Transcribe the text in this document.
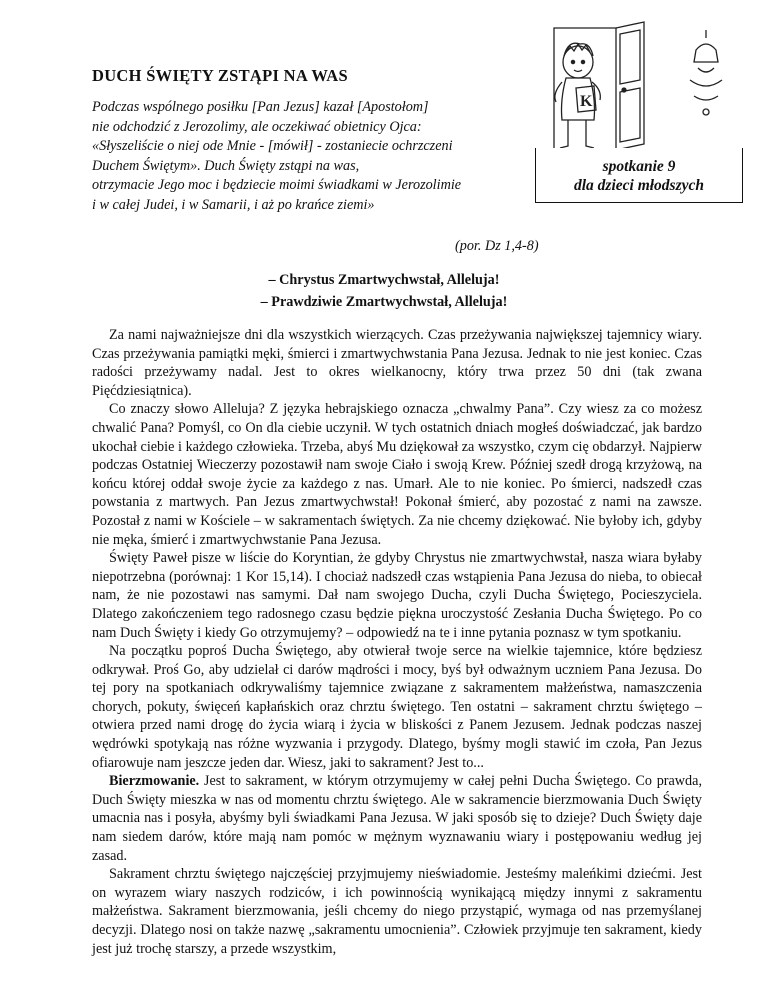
DUCH ŚWIĘTY ZSTĄPI NA WAS
Podczas wspólnego posiłku [Pan Jezus] kazał [Apostołom]
nie odchodzić z Jerozolimy, ale oczekiwać obietnicy Ojca:
«Słyszeliście o niej ode Mnie - [mówił] - zostaniecie ochrzczeni
Duchem Świętym». Duch Święty zstąpi na was,
otrzymacie Jego moc i będziecie moimi świadkami w Jerozolimie
i w całej Judei, i w Samarii, i aż po krańce ziemi»
(por. Dz 1,4-8)
K
spotkanie 9
dla dzieci młodszych
– Chrystus Zmartwychwstał, Alleluja!
– Prawdziwie Zmartwychwstał, Alleluja!

Za nami najważniejsze dni dla wszystkich wierzących. Czas przeżywania największej tajemnicy wiary. Czas przeżywania pamiątki męki, śmierci i zmartwychwstania Pana Jezusa. Jednak to nie jest koniec. Czas radości przeżywamy nadal. Jest to okres wielkanocny, który trwa przez 50 dni (tak zwana Pięćdziesiątnica).

Co znaczy słowo Alleluja? Z języka hebrajskiego oznacza „chwalmy Pana”. Czy wiesz za co możesz chwalić Pana? Pomyśl, co On dla ciebie uczynił. W tych ostatnich dniach mogłeś doświadczać, jak bardzo ukochał ciebie i każdego człowieka. Trzeba, abyś Mu dziękował za wszystko, czym cię obdarzył. Najpierw podczas Ostatniej Wieczerzy pozostawił nam swoje Ciało i swoją Krew. Później szedł drogą krzyżową, na końcu której oddał swoje życie za każdego z nas. Umarł. Ale to nie koniec. Po śmierci, nadszedł czas powstania z martwych. Pan Jezus zmartwychwstał! Pokonał śmierć, aby pozostać z nami na zawsze. Pozostał z nami w Kościele – w sakramentach świętych. Za nie chcemy dziękować. Nie byłoby ich, gdyby nie męka, śmierć i zmartwychwstanie Pana Jezusa.

Święty Paweł pisze w liście do Koryntian, że gdyby Chrystus nie zmartwychwstał, nasza wiara byłaby niepotrzebna (porównaj: 1 Kor 15,14). I chociaż nadszedł czas wstąpienia Pana Jezusa do nieba, to obiecał nam, że nie pozostawi nas samymi. Dał nam swojego Ducha, czyli Ducha Świętego, Pocieszyciela. Dlatego zakończeniem tego radosnego czasu będzie piękna uroczystość Zesłania Ducha Świętego. Po co nam Duch Święty i kiedy Go otrzymujemy? – odpowiedź na te i inne pytania poznasz w tym spotkaniu.

Na początku poproś Ducha Świętego, aby otwierał twoje serce na wielkie tajemnice, które będziesz odkrywał. Proś Go, aby udzielał ci darów mądrości i mocy, byś był odważnym uczniem Pana Jezusa. Do tej pory na spotkaniach odkrywaliśmy tajemnice związane z sakramentem małżeństwa, namaszczenia chorych, pokuty, święceń kapłańskich oraz chrztu świętego. Ten ostatni – sakrament chrztu świętego – otwiera przed nami drogę do życia wiarą i życia w bliskości z Panem Jezusem. Jednak podczas naszej wędrówki spotykają nas różne wyzwania i przygody. Dlatego, byśmy mogli stawić im czoła, Pan Jezus ofiarowuje nam jeszcze jeden dar. Wiesz, jaki to sakrament? Jest to...

Bierzmowanie. Jest to sakrament, w którym otrzymujemy w całej pełni Ducha Świętego. Co prawda, Duch Święty mieszka w nas od momentu chrztu świętego. Ale w sakramencie bierzmowania Duch Święty umacnia nas i posyła, abyśmy byli świadkami Pana Jezusa. W jaki sposób się to dzieje? Duch Święty daje nam siedem darów, które mają nam pomóc w mężnym wyznawaniu wiary i postępowaniu według jej zasad.

Sakrament chrztu świętego najczęściej przyjmujemy nieświadomie. Jesteśmy maleńkimi dziećmi. Jest on wyrazem wiary naszych rodziców, i ich powinnością wynikającą między innymi z sakramentu małżeństwa. Sakrament bierzmowania, jeśli chcemy do niego przystąpić, wymaga od nas przemyślanej decyzji. Dlatego nosi on także nazwę „sakramentu umocnienia”. Człowiek przyjmuje ten sakrament, kiedy jest już trochę starszy, a przede wszystkim,
